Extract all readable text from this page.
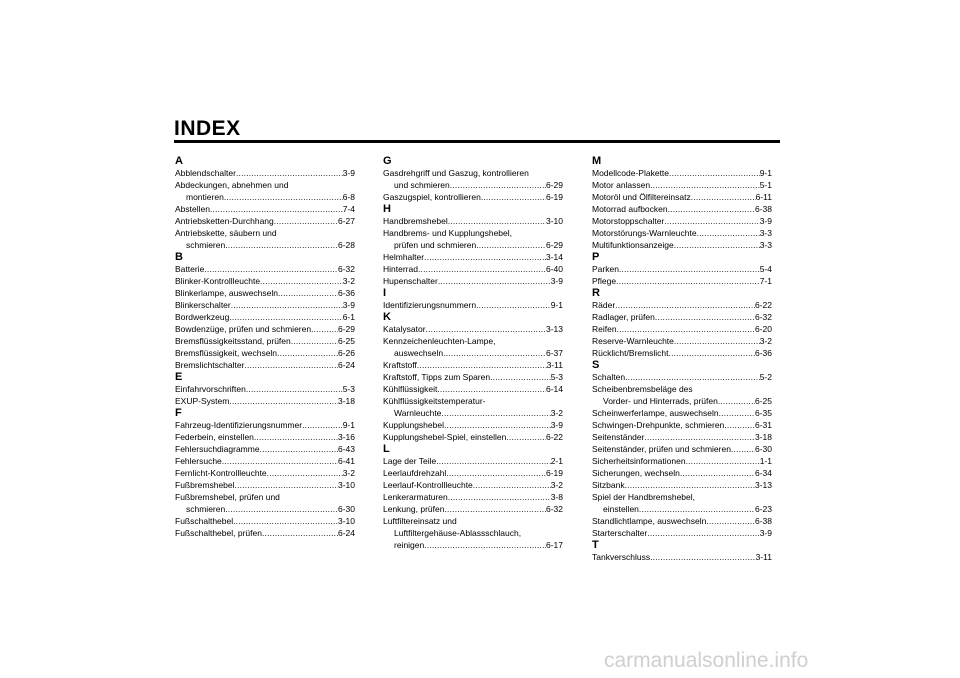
INDEX
A
Abblendschalter .....	3-9
Abdeckungen, abnehmen und
montieren .....	6-8
Abstellen .....	7-4
Antriebsketten-Durchhang .....	6-27
Antriebskette, säubern und
schmieren .....	6-28
B
Batterie .....	6-32
Blinker-Kontrollleuchte .....	3-2
Blinkerlampe, auswechseln .....	6-36
Blinkerschalter .....	3-9
Bordwerkzeug .....	6-1
Bowdenzüge, prüfen und schmieren .....	6-29
Bremsflüssigkeitsstand, prüfen .....	6-25
Bremsflüssigkeit, wechseln .....	6-26
Bremslichtschalter .....	6-24
E
Einfahrvorschriften .....	5-3
EXUP-System .....	3-18
F
Fahrzeug-Identifizierungsnummer .....	9-1
Federbein, einstellen .....	3-16
Fehlersuchdiagramme .....	6-43
Fehlersuche .....	6-41
Fernlicht-Kontrollleuchte .....	3-2
Fußbremshebel .....	3-10
Fußbremshebel, prüfen und
schmieren .....	6-30
Fußschalthebel .....	3-10
Fußschalthebel, prüfen .....	6-24
G
Gasdrehgriff und Gaszug, kontrollieren
und schmieren .....	6-29
Gaszugspiel, kontrollieren .....	6-19
H
Handbremshebel .....	3-10
Handbrems- und Kupplungshebel,
prüfen und schmieren .....	6-29
Helmhalter .....	3-14
Hinterrad .....	6-40
Hupenschalter .....	3-9
I
Identifizierungsnummern .....	9-1
K
Katalysator .....	3-13
Kennzeichenleuchten-Lampe,
auswechseln .....	6-37
Kraftstoff .....	3-11
Kraftstoff, Tipps zum Sparen .....	5-3
Kühlflüssigkeit .....	6-14
Kühlflüssigkeitstemperatur-
Warnleuchte .....	3-2
Kupplungshebel .....	3-9
Kupplungshebel-Spiel, einstellen .....	6-22
L
Lage der Teile .....	2-1
Leerlaufdrehzahl .....	6-19
Leerlauf-Kontrollleuchte .....	3-2
Lenkerarmaturen .....	3-8
Lenkung, prüfen .....	6-32
Luftfiltereinsatz und
Luftfiltergehäuse-Ablassschlauch,
reinigen .....	6-17
M
Modellcode-Plakette .....	9-1
Motor anlassen .....	5-1
Motoröl und Ölfiltereinsatz .....	6-11
Motorrad aufbocken .....	6-38
Motorstoppschalter .....	3-9
Motorstörungs-Warnleuchte .....	3-3
Multifunktionsanzeige .....	3-3
P
Parken .....	5-4
Pflege .....	7-1
R
Räder .....	6-22
Radlager, prüfen .....	6-32
Reifen .....	6-20
Reserve-Warnleuchte .....	3-2
Rücklicht/Bremslicht .....	6-36
S
Schalten .....	5-2
Scheibenbremsbeläge des
Vorder- und Hinterrads, prüfen .....	6-25
Scheinwerferlampe, auswechseln .....	6-35
Schwingen-Drehpunkte, schmieren .....	6-31
Seitenständer .....	3-18
Seitenständer, prüfen und schmieren .....	6-30
Sicherheitsinformationen .....	1-1
Sicherungen, wechseln .....	6-34
Sitzbank .....	3-13
Spiel der Handbremshebel,
einstellen .....	6-23
Standlichtlampe, auswechseln .....	6-38
Starterschalter .....	3-9
T
Tankverschluss .....	3-11
carmanualsonline.info
